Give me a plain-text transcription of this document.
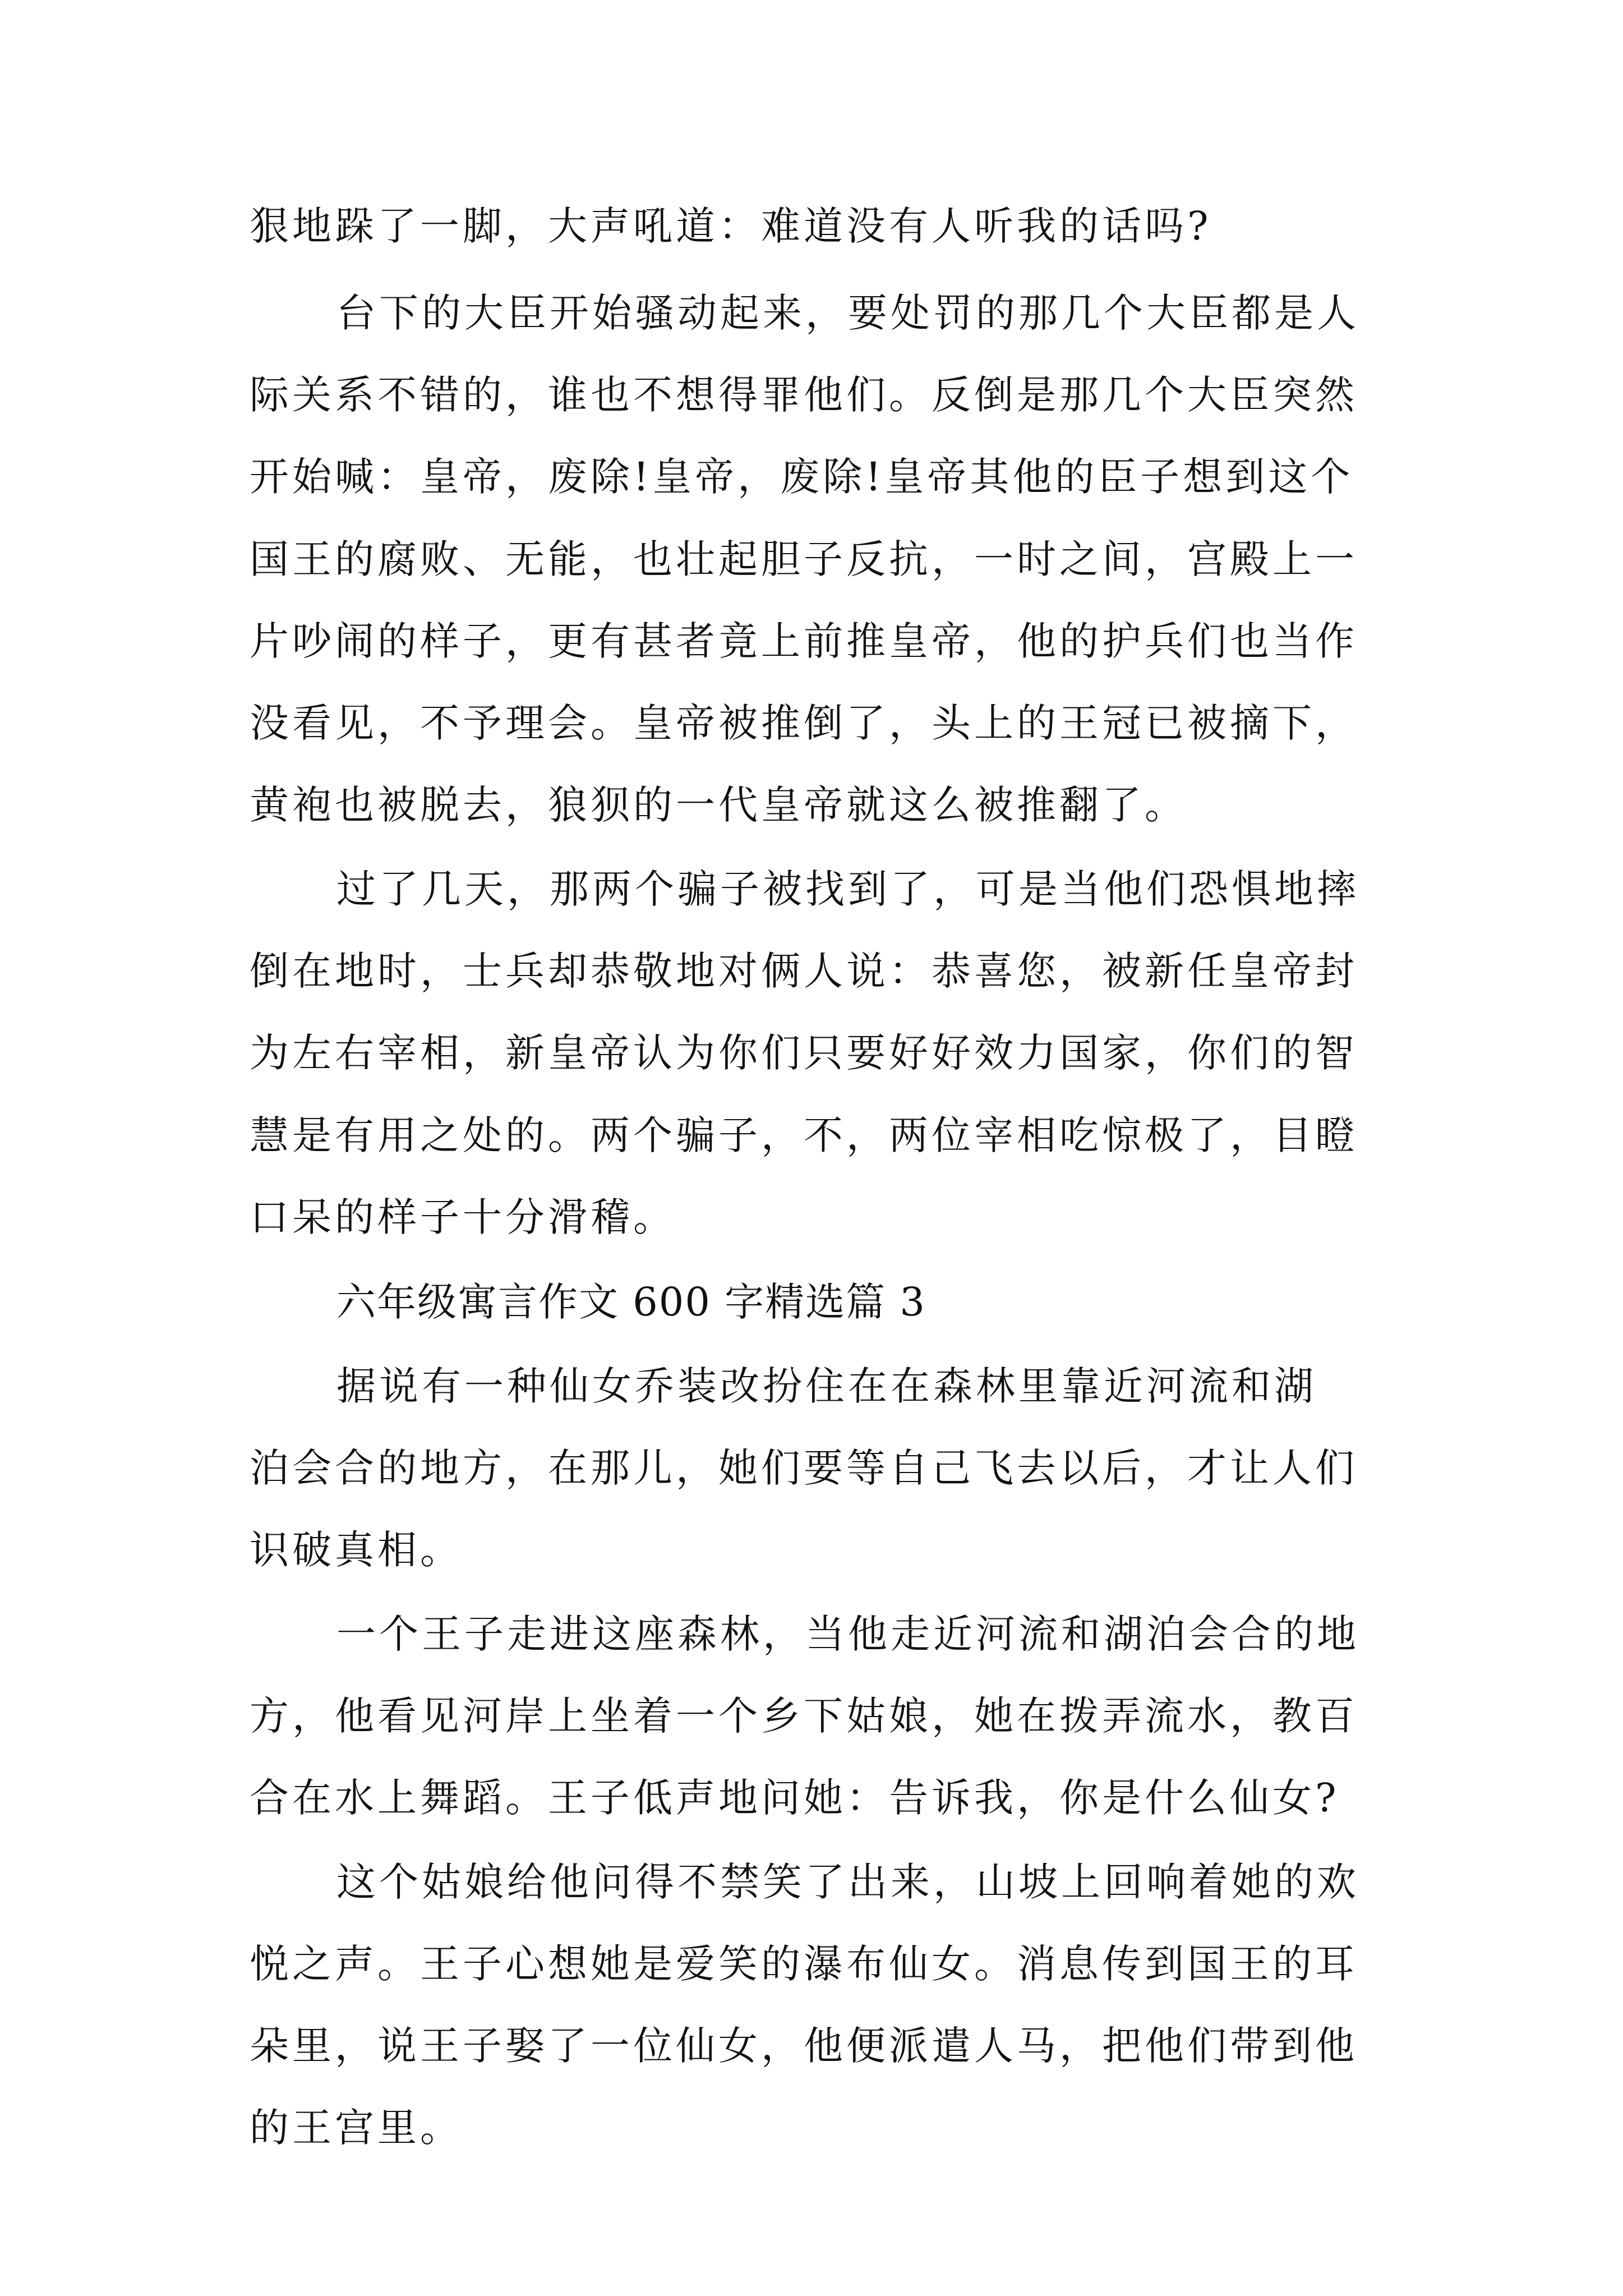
狠地跺了一脚，大声吼道：难道没有人听我的话吗?
台下的大臣开始骚动起来，要处罚的那几个大臣都是人
际关系不错的，谁也不想得罪他们。反倒是那几个大臣突然
开始喊：皇帝，废除!皇帝，废除!皇帝其他的臣子想到这个
国王的腐败、无能，也壮起胆子反抗，一时之间，宫殿上一
片吵闹的样子，更有甚者竟上前推皇帝，他的护兵们也当作
没看见，不予理会。皇帝被推倒了，头上的王冠已被摘下，
黄袍也被脱去，狼狈的一代皇帝就这么被推翻了。
过了几天，那两个骗子被找到了，可是当他们恐惧地摔
倒在地时，士兵却恭敬地对俩人说：恭喜您，被新任皇帝封
为左右宰相，新皇帝认为你们只要好好效力国家，你们的智
慧是有用之处的。两个骗子，不，两位宰相吃惊极了，目瞪
口呆的样子十分滑稽。
六年级寓言作文 600 字精选篇 3
据说有一种仙女乔装改扮住在在森林里靠近河流和湖
泊会合的地方，在那儿，她们要等自己飞去以后，才让人们
识破真相。
一个王子走进这座森林，当他走近河流和湖泊会合的地
方，他看见河岸上坐着一个乡下姑娘，她在拨弄流水，教百
合在水上舞蹈。王子低声地问她：告诉我，你是什么仙女?
这个姑娘给他问得不禁笑了出来，山坡上回响着她的欢
悦之声。王子心想她是爱笑的瀑布仙女。消息传到国王的耳
朵里，说王子娶了一位仙女，他便派遣人马，把他们带到他
的王宫里。
